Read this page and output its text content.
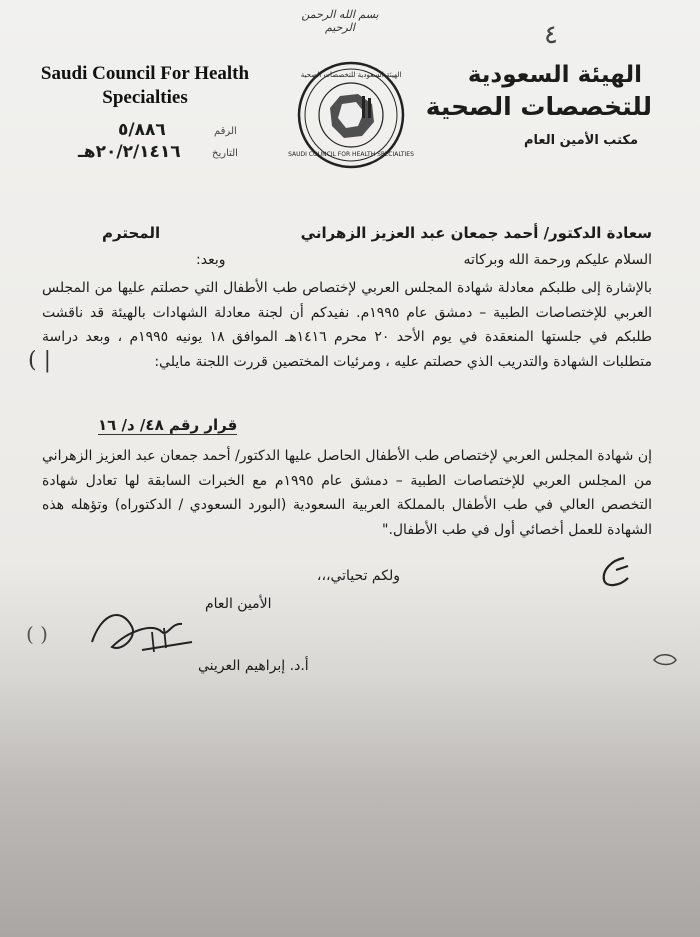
بسم الله الرحمن الرحيم
Saudi Council For Health Specialties
الهيئة السعودية
للتخصصات الصحية
مكتب الأمين العام
٤
الرقم
٥/٨٨٦
التاريخ
٢٠/٢/١٤١٦هـ	SAUDI COUNCIL FOR HEALTH SPECIALTIES
الهيئة السعودية للتخصصات الصحية
سعادة الدكتور/ أحمد جمعان عبد العزيز الزهراني
المحترم
السلام عليكم ورحمة الله وبركاته
وبعد:
بالإشارة إلى طلبكم معادلة شهادة المجلس العربي لإختصاص طب الأطفال التي حصلتم عليها من المجلس العربي للإختصاصات الطبية – دمشق عام ١٩٩٥م. نفيدكم أن لجنة معادلة الشهادات بالهيئة قد ناقشت طلبكم في جلستها المنعقدة في يوم الأحد ٢٠ محرم ١٤١٦هـ الموافق ١٨ يونيه ١٩٩٥م ، وبعد دراسة متطلبات الشهادة والتدريب الذي حصلتم عليه ، ومرئيات المختصين قررت اللجنة مايلي:
قرار رقم ٤٨/ د/ ١٦
إن شهادة المجلس العربي لإختصاص طب الأطفال الحاصل عليها الدكتور/ أحمد جمعان عبد العزيز الزهراني من المجلس العربي للإختصاصات الطبية – دمشق عام ١٩٩٥م مع الخبرات السابقة لها تعادل شهادة التخصص العالي في طب الأطفال بالمملكة العربية السعودية (البورد السعودي / الدكتوراه) وتؤهله هذه الشهادة للعمل أخصائي أول في طب الأطفال."
ولكم تحياتي،،،
الأمين العام
أ.د. إبراهيم العريني
( |
( )
